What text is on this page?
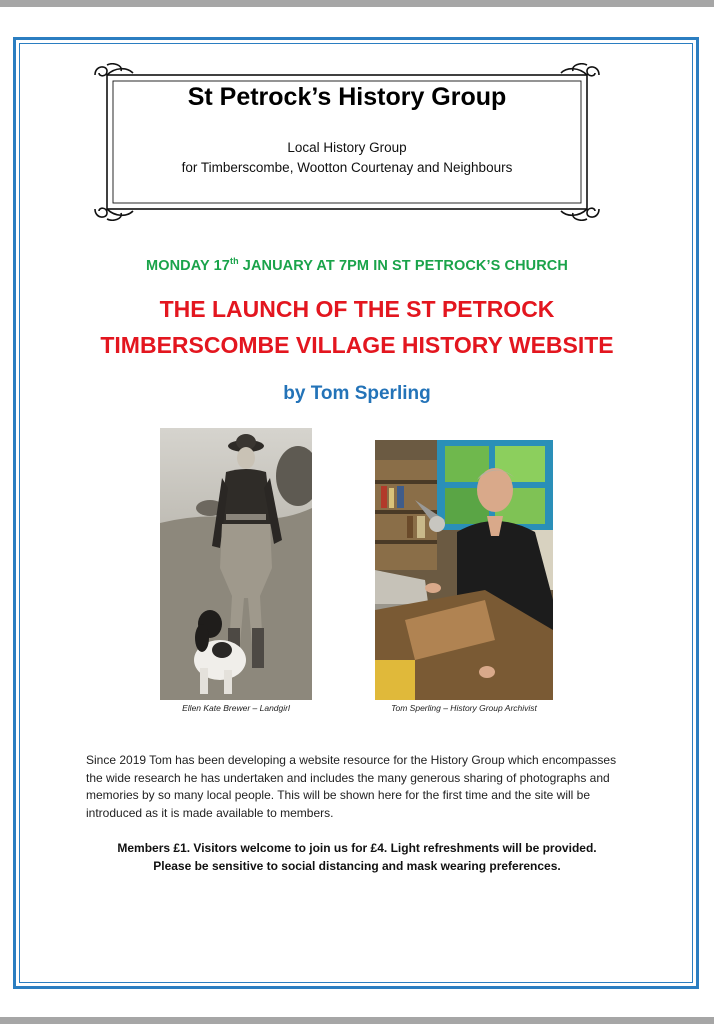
St Petrock’s History Group
Local History Group
for Timberscombe, Wootton Courtenay and Neighbours
MONDAY 17th JANUARY AT 7PM IN ST PETROCK’S CHURCH
THE LAUNCH OF THE ST PETROCK
TIMBERSCOMBE VILLAGE HISTORY WEBSITE
by Tom Sperling
Ellen Kate Brewer – Landgirl	Tom Sperling – History Group Archivist
Since 2019 Tom has been developing a website resource for the History Group which encompasses the wide research he has undertaken and includes the many generous sharing of photographs and memories by so many local people. This will be shown here for the first time and the site will be introduced as it is made available to members.
Members £1. Visitors welcome to join us for £4. Light refreshments will be provided.
Please be sensitive to social distancing and mask wearing preferences.
